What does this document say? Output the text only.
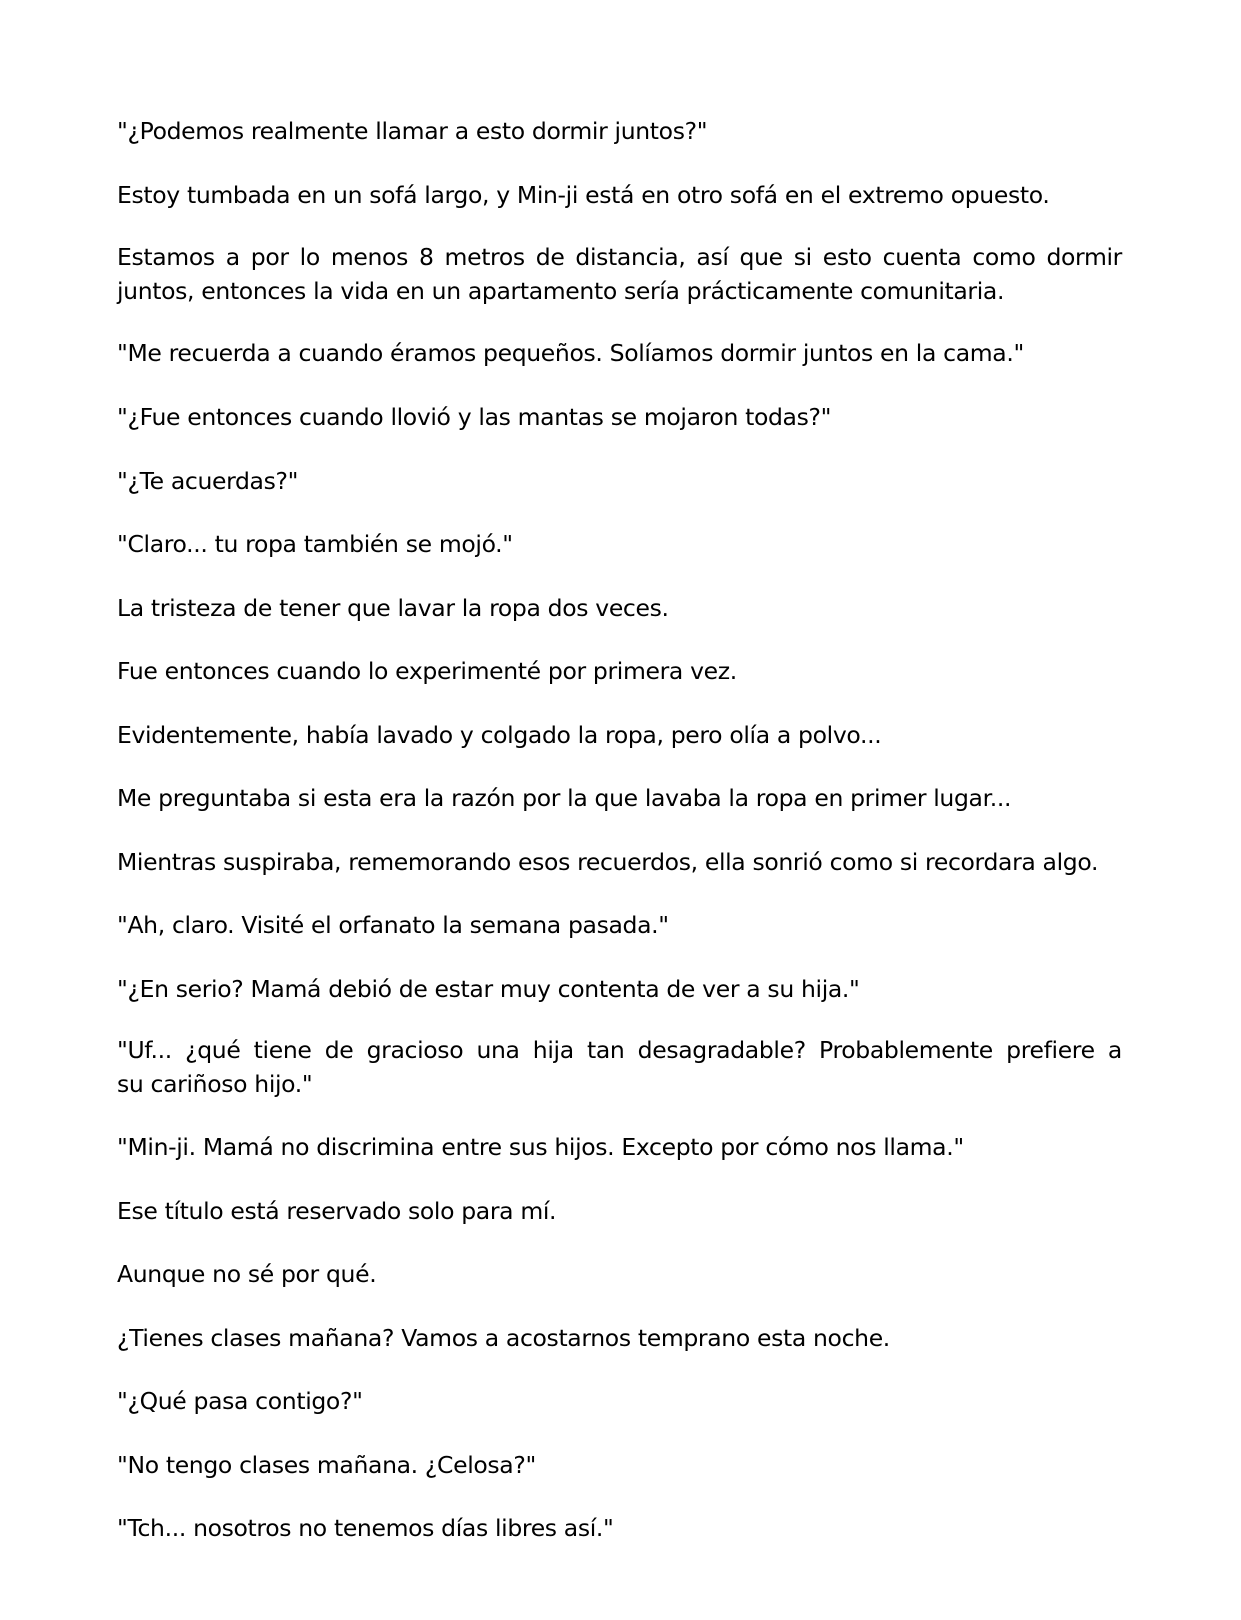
"¿Podemos realmente llamar a esto dormir juntos?"

Estoy tumbada en un sofá largo, y Min-ji está en otro sofá en el extremo opuesto.

Estamos a por lo menos 8 metros de distancia, así que si esto cuenta como dormir
juntos, entonces la vida en un apartamento sería prácticamente comunitaria.

"Me recuerda a cuando éramos pequeños. Solíamos dormir juntos en la cama."

"¿Fue entonces cuando llovió y las mantas se mojaron todas?"

"¿Te acuerdas?"

"Claro... tu ropa también se mojó."

La tristeza de tener que lavar la ropa dos veces.

Fue entonces cuando lo experimenté por primera vez.

Evidentemente, había lavado y colgado la ropa, pero olía a polvo...

Me preguntaba si esta era la razón por la que lavaba la ropa en primer lugar...

Mientras suspiraba, rememorando esos recuerdos, ella sonrió como si recordara algo.

"Ah, claro. Visité el orfanato la semana pasada."

"¿En serio? Mamá debió de estar muy contenta de ver a su hija."

"Uf... ¿qué tiene de gracioso una hija tan desagradable? Probablemente prefiere a
su cariñoso hijo."

"Min-ji. Mamá no discrimina entre sus hijos. Excepto por cómo nos llama."

Ese título está reservado solo para mí.

Aunque no sé por qué.

¿Tienes clases mañana? Vamos a acostarnos temprano esta noche.

"¿Qué pasa contigo?"

"No tengo clases mañana. ¿Celosa?"

"Tch... nosotros no tenemos días libres así."
